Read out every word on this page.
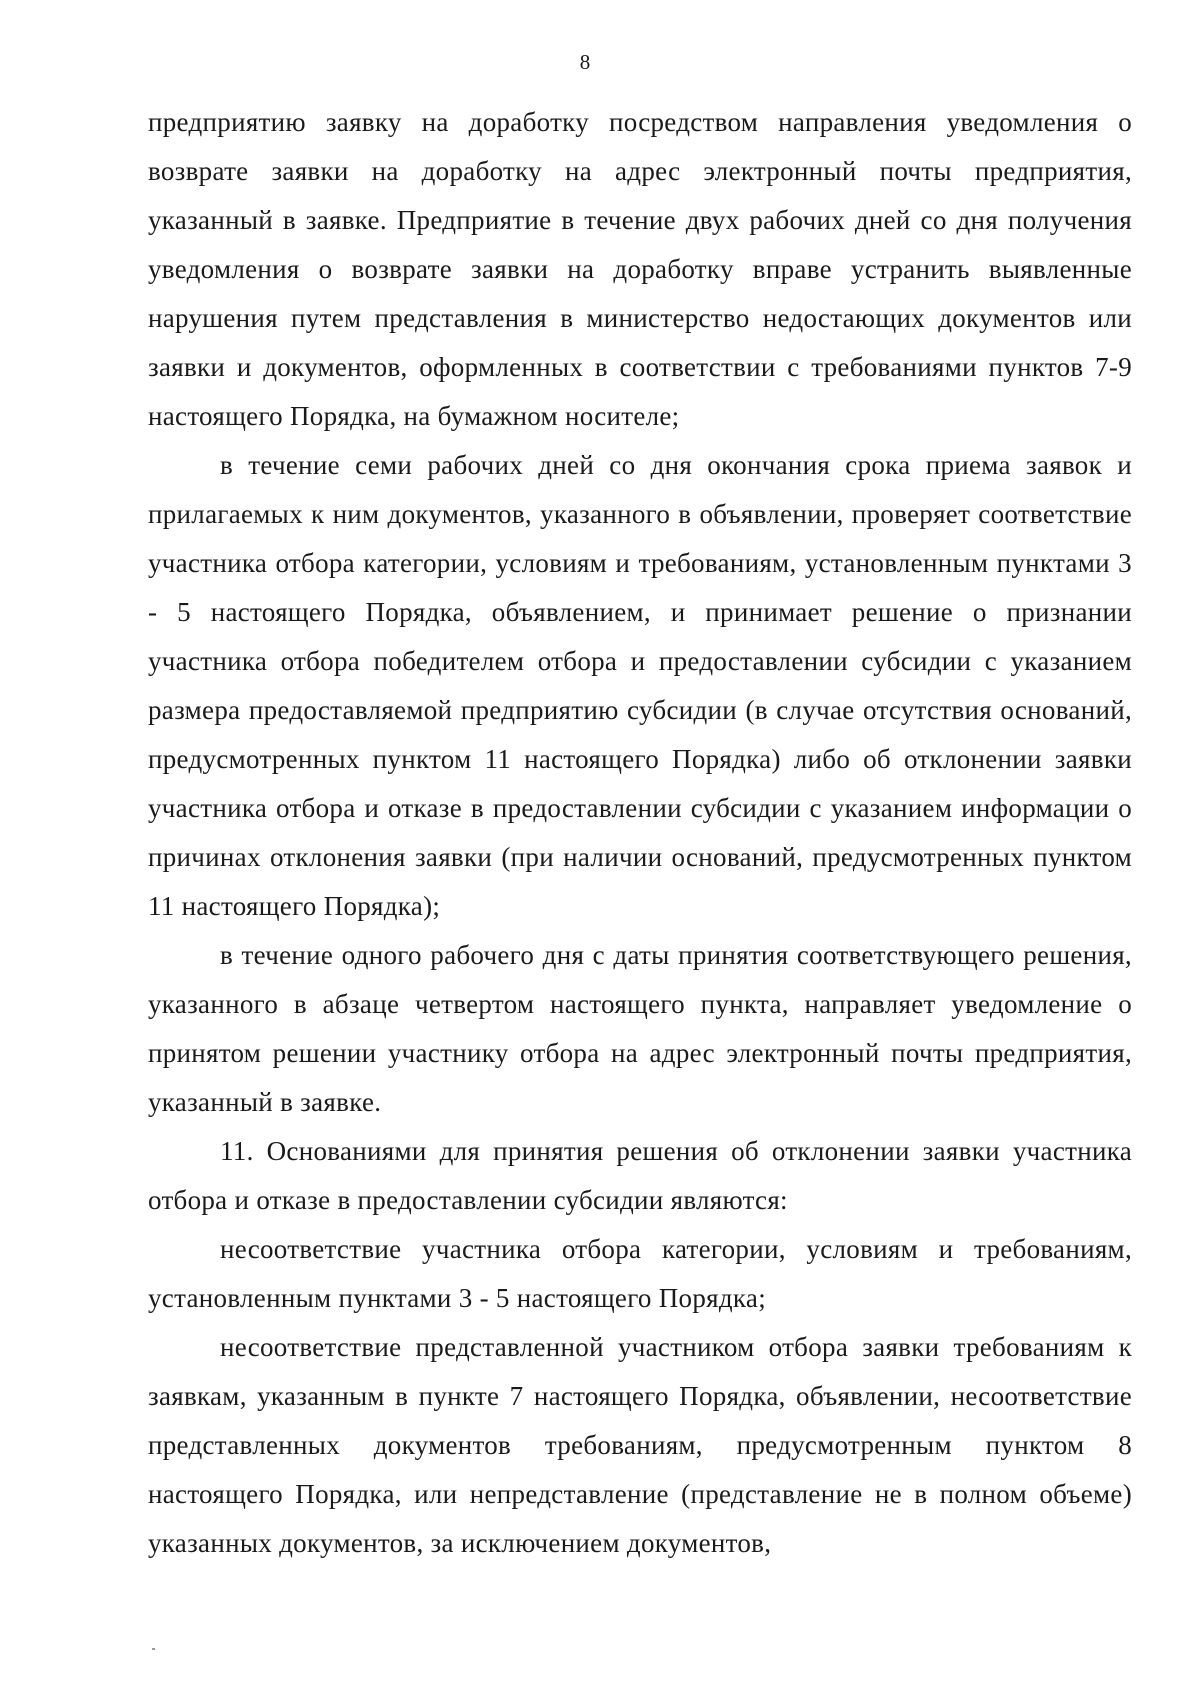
8

предприятию заявку на доработку посредством направления уведомления о возврате заявки на доработку на адрес электронный почты предприятия, указанный в заявке. Предприятие в течение двух рабочих дней со дня получения уведомления о возврате заявки на доработку вправе устранить выявленные нарушения путем представления в министерство недостающих документов или заявки и документов, оформленных в соответствии с требованиями пунктов 7-9 настоящего Порядка, на бумажном носителе;

в течение семи рабочих дней со дня окончания срока приема заявок и прилагаемых к ним документов, указанного в объявлении, проверяет соответствие участника отбора категории, условиям и требованиям, установленным пунктами 3 - 5 настоящего Порядка, объявлением, и принимает решение о признании участника отбора победителем отбора и предоставлении субсидии с указанием размера предоставляемой предприятию субсидии (в случае отсутствия оснований, предусмотренных пунктом 11 настоящего Порядка) либо об отклонении заявки участника отбора и отказе в предоставлении субсидии с указанием информации о причинах отклонения заявки (при наличии оснований, предусмотренных пунктом 11 настоящего Порядка);

в течение одного рабочего дня с даты принятия соответствующего решения, указанного в абзаце четвертом настоящего пункта, направляет уведомление о принятом решении участнику отбора на адрес электронный почты предприятия, указанный в заявке.

11. Основаниями для принятия решения об отклонении заявки участника отбора и отказе в предоставлении субсидии являются:

несоответствие участника отбора категории, условиям и требованиям, установленным пунктами 3 - 5 настоящего Порядка;

несоответствие представленной участником отбора заявки требованиям к заявкам, указанным в пункте 7 настоящего Порядка, объявлении, несоответствие представленных документов требованиям, предусмотренным пунктом 8 настоящего Порядка, или непредставление (представление не в полном объеме) указанных документов, за исключением документов,
